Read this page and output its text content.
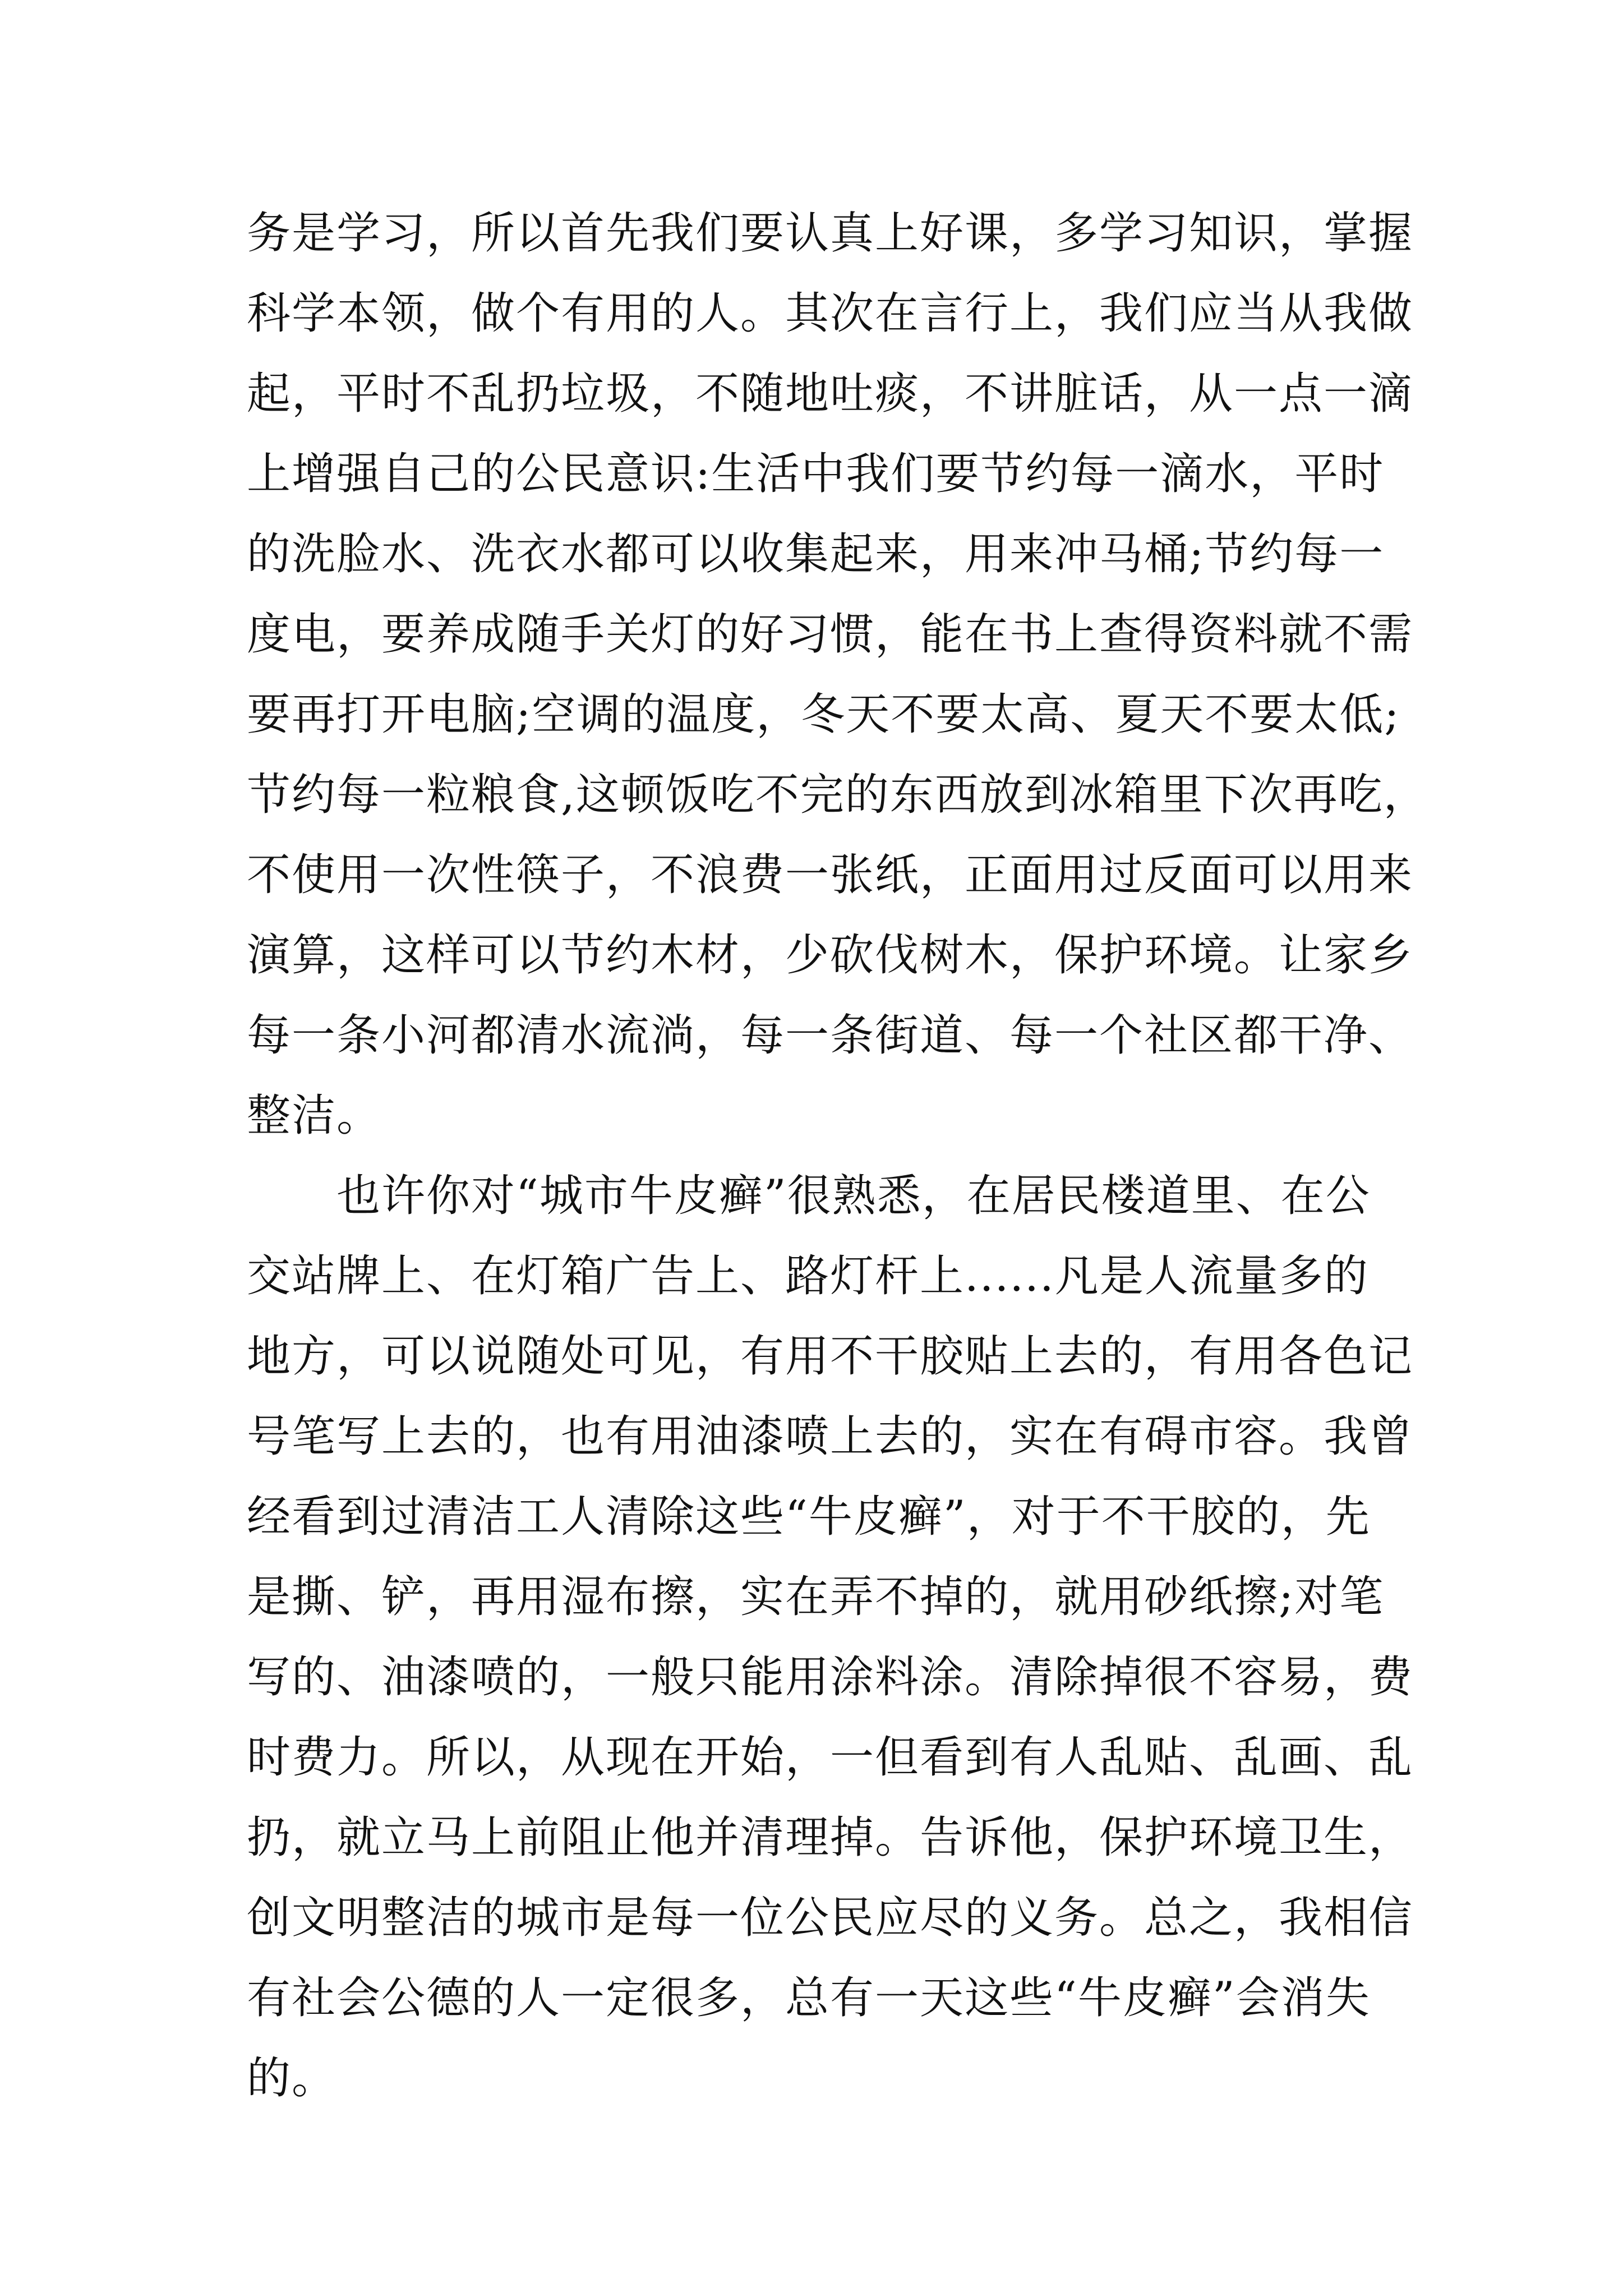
务是学习，所以首先我们要认真上好课，多学习知识，掌握
科学本领，做个有用的人。其次在言行上，我们应当从我做
起，平时不乱扔垃圾，不随地吐痰，不讲脏话，从一点一滴
上增强自己的公民意识:生活中我们要节约每一滴水，平时
的洗脸水、洗衣水都可以收集起来，用来冲马桶;节约每一
度电，要养成随手关灯的好习惯，能在书上查得资料就不需
要再打开电脑;空调的温度，冬天不要太高、夏天不要太低;
节约每一粒粮食,这顿饭吃不完的东西放到冰箱里下次再吃，
不使用一次性筷子，不浪费一张纸，正面用过反面可以用来
演算，这样可以节约木材，少砍伐树木，保护环境。让家乡
每一条小河都清水流淌，每一条街道、每一个社区都干净、
整洁。
也许你对“城市牛皮癣”很熟悉，在居民楼道里、在公
交站牌上、在灯箱广告上、路灯杆上......凡是人流量多的
地方，可以说随处可见，有用不干胶贴上去的，有用各色记
号笔写上去的，也有用油漆喷上去的，实在有碍市容。我曾
经看到过清洁工人清除这些“牛皮癣”，对于不干胶的，先
是撕、铲，再用湿布擦，实在弄不掉的，就用砂纸擦;对笔
写的、油漆喷的，一般只能用涂料涂。清除掉很不容易，费
时费力。所以，从现在开始，一但看到有人乱贴、乱画、乱
扔，就立马上前阻止他并清理掉。告诉他，保护环境卫生，
创文明整洁的城市是每一位公民应尽的义务。总之，我相信
有社会公德的人一定很多，总有一天这些“牛皮癣”会消失
的。
